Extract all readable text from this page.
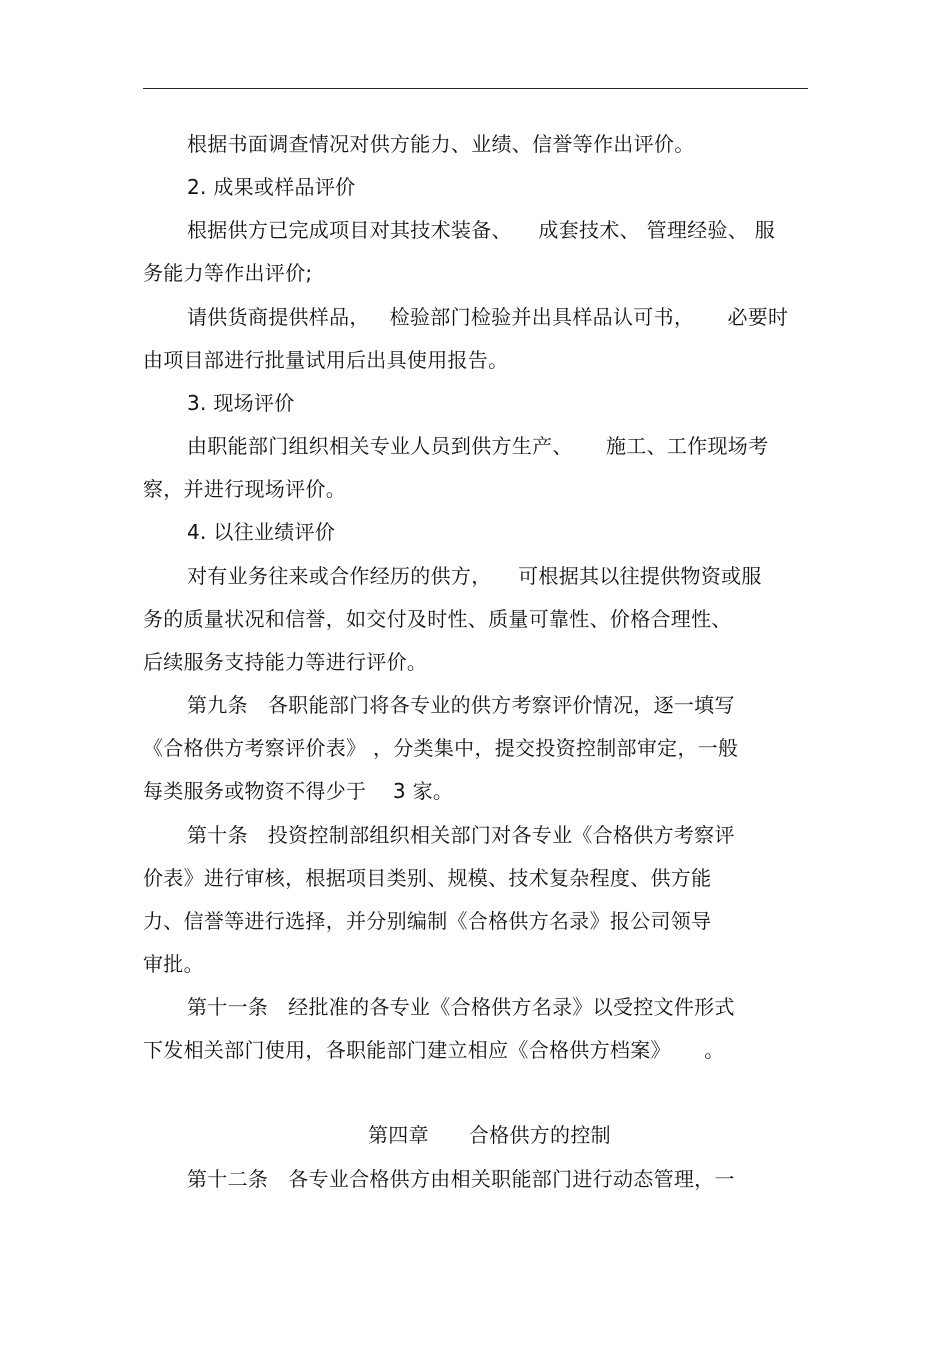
根据书面调查情况对供方能力、业绩、信誉等作出评价。
2. 成果或样品评价
根据供方已完成项目对其技术装备、    成套技术、 管理经验、 服
务能力等作出评价;
请供货商提供样品，   检验部门检验并出具样品认可书，     必要时
由项目部进行批量试用后出具使用报告。
3. 现场评价
由职能部门组织相关专业人员到供方生产、     施工、工作现场考
察，并进行现场评价。
4. 以往业绩评价
对有业务往来或合作经历的供方，    可根据其以往提供物资或服
务的质量状况和信誉，如交付及时性、质量可靠性、价格合理性、
后续服务支持能力等进行评价。
第九条   各职能部门将各专业的供方考察评价情况，逐一填写
《合格供方考察评价表》 ，分类集中，提交投资控制部审定，一般
每类服务或物资不得少于    3 家。
第十条   投资控制部组织相关部门对各专业《合格供方考察评
价表》进行审核，根据项目类别、规模、技术复杂程度、供方能
力、信誉等进行选择，并分别编制《合格供方名录》报公司领导
审批。
第十一条   经批准的各专业《合格供方名录》以受控文件形式
下发相关部门使用，各职能部门建立相应《合格供方档案》     。
第四章      合格供方的控制
第十二条   各专业合格供方由相关职能部门进行动态管理，一
